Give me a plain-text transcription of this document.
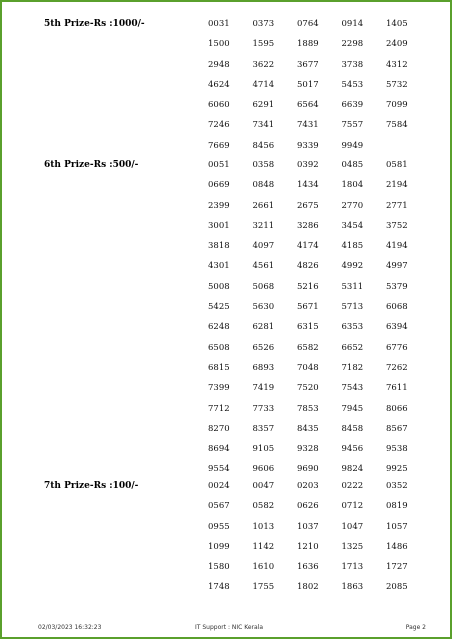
5th Prize-Rs :1000/-	0031	0373	0764	0914	1405
1500	1595	1889	2298	2409
2948	3622	3677	3738	4312
4624	4714	5017	5453	5732
6060	6291	6564	6639	7099
7246	7341	7431	7557	7584
7669	8456	9339	9949
6th Prize-Rs :500/-	0051	0358	0392	0485	0581
0669	0848	1434	1804	2194
2399	2661	2675	2770	2771
3001	3211	3286	3454	3752
3818	4097	4174	4185	4194
4301	4561	4826	4992	4997
5008	5068	5216	5311	5379
5425	5630	5671	5713	6068
6248	6281	6315	6353	6394
6508	6526	6582	6652	6776
6815	6893	7048	7182	7262
7399	7419	7520	7543	7611
7712	7733	7853	7945	8066
8270	8357	8435	8458	8567
8694	9105	9328	9456	9538
9554	9606	9690	9824	9925
7th Prize-Rs :100/-	0024	0047	0203	0222	0352
0567	0582	0626	0712	0819
0955	1013	1037	1047	1057
1099	1142	1210	1325	1486
1580	1610	1636	1713	1727
1748	1755	1802	1863	2085
02/03/2023 16:32:23	IT Support : NIC Kerala	Page 2
